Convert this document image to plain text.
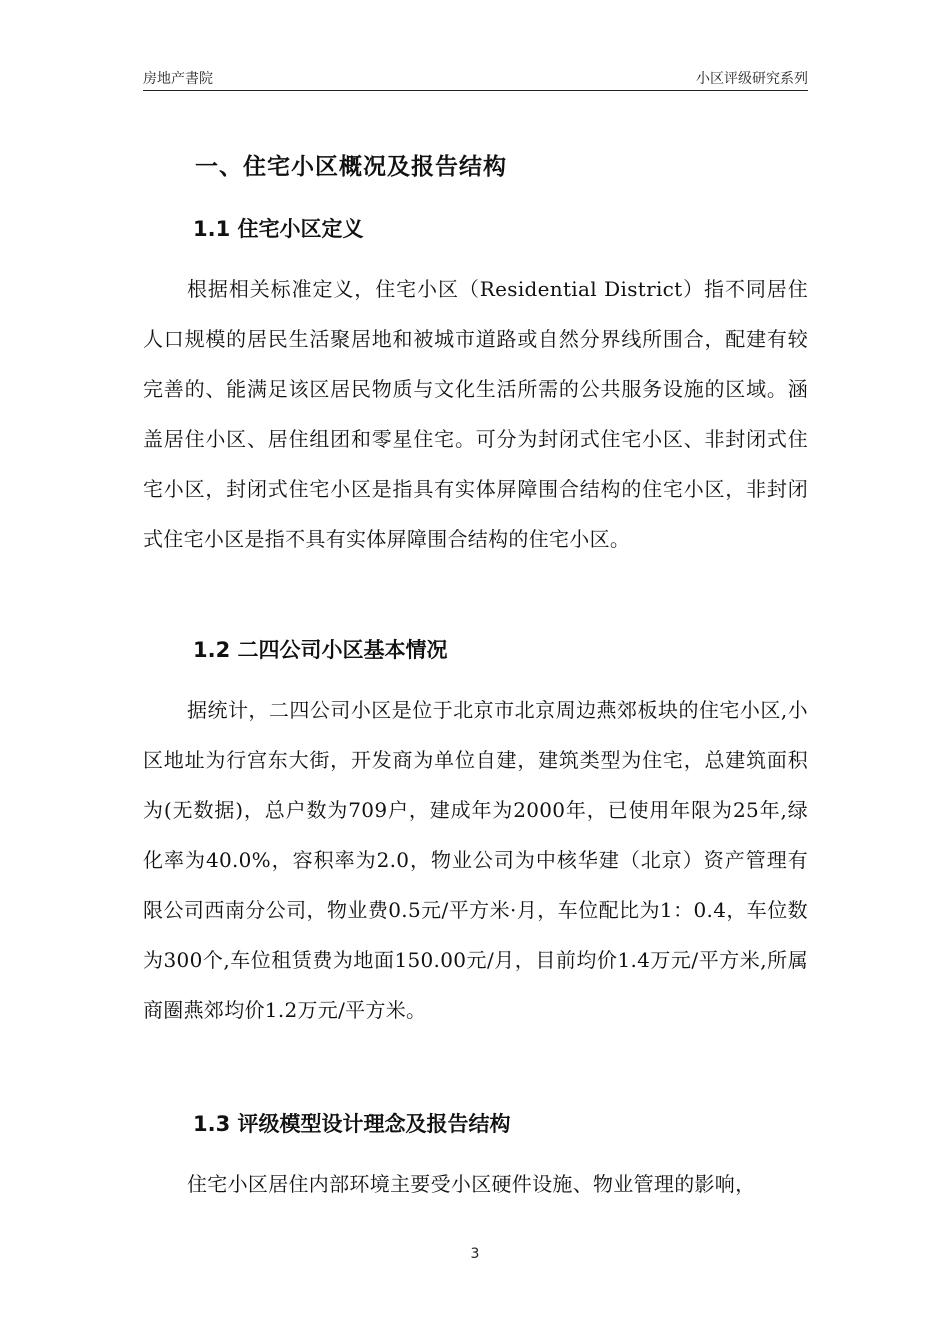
房地产書院	小区评级研究系列
一、住宅小区概况及报告结构
1.1 住宅小区定义
根据相关标准定义，住宅小区（Residential District）指不同居住人口规模的居民生活聚居地和被城市道路或自然分界线所围合，配建有较完善的、能满足该区居民物质与文化生活所需的公共服务设施的区域。涵盖居住小区、居住组团和零星住宅。可分为封闭式住宅小区、非封闭式住宅小区，封闭式住宅小区是指具有实体屏障围合结构的住宅小区，非封闭式住宅小区是指不具有实体屏障围合结构的住宅小区。
1.2 二四公司小区基本情况
据统计，二四公司小区是位于北京市北京周边燕郊板块的住宅小区,小区地址为行宫东大街，开发商为单位自建，建筑类型为住宅，总建筑面积为(无数据)，总户数为709户，建成年为2000年，已使用年限为25年,绿化率为40.0%，容积率为2.0，物业公司为中核华建（北京）资产管理有限公司西南分公司，物业费0.5元/平方米·月，车位配比为1：0.4，车位数为300个,车位租赁费为地面150.00元/月，目前均价1.4万元/平方米,所属商圈燕郊均价1.2万元/平方米。
1.3 评级模型设计理念及报告结构
住宅小区居住内部环境主要受小区硬件设施、物业管理的影响，
3
